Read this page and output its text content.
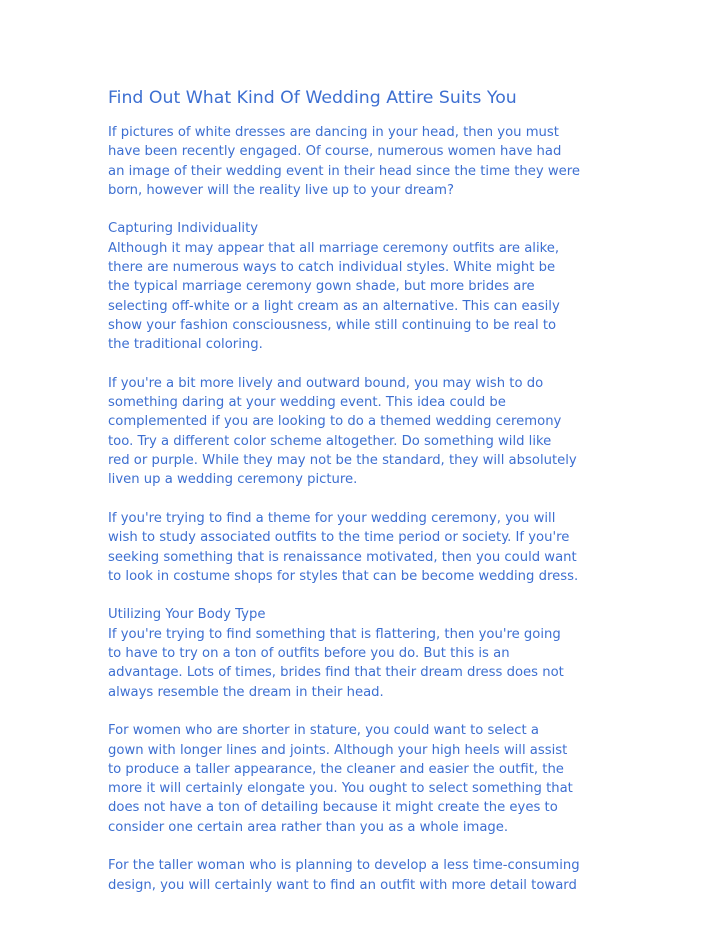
Find Out What Kind Of Wedding Attire Suits You
If pictures of white dresses are dancing in your head, then you must
have been recently engaged. Of course, numerous women have had
an image of their wedding event in their head since the time they were
born, however will the reality live up to your dream?
Capturing Individuality
Although it may appear that all marriage ceremony outfits are alike,
there are numerous ways to catch individual styles. White might be
the typical marriage ceremony gown shade, but more brides are
selecting off-white or a light cream as an alternative. This can easily
show your fashion consciousness, while still continuing to be real to
the traditional coloring.
If you're a bit more lively and outward bound, you may wish to do
something daring at your wedding event. This idea could be
complemented if you are looking to do a themed wedding ceremony
too. Try a different color scheme altogether. Do something wild like
red or purple. While they may not be the standard, they will absolutely
liven up a wedding ceremony picture.
If you're trying to find a theme for your wedding ceremony, you will
wish to study associated outfits to the time period or society. If you're
seeking something that is renaissance motivated, then you could want
to look in costume shops for styles that can be become wedding dress.
Utilizing Your Body Type
If you're trying to find something that is flattering, then you're going
to have to try on a ton of outfits before you do. But this is an
advantage. Lots of times, brides find that their dream dress does not
always resemble the dream in their head.
For women who are shorter in stature, you could want to select a
gown with longer lines and joints. Although your high heels will assist
to produce a taller appearance, the cleaner and easier the outfit, the
more it will certainly elongate you. You ought to select something that
does not have a ton of detailing because it might create the eyes to
consider one certain area rather than you as a whole image.
For the taller woman who is planning to develop a less time-consuming
design, you will certainly want to find an outfit with more detail toward
